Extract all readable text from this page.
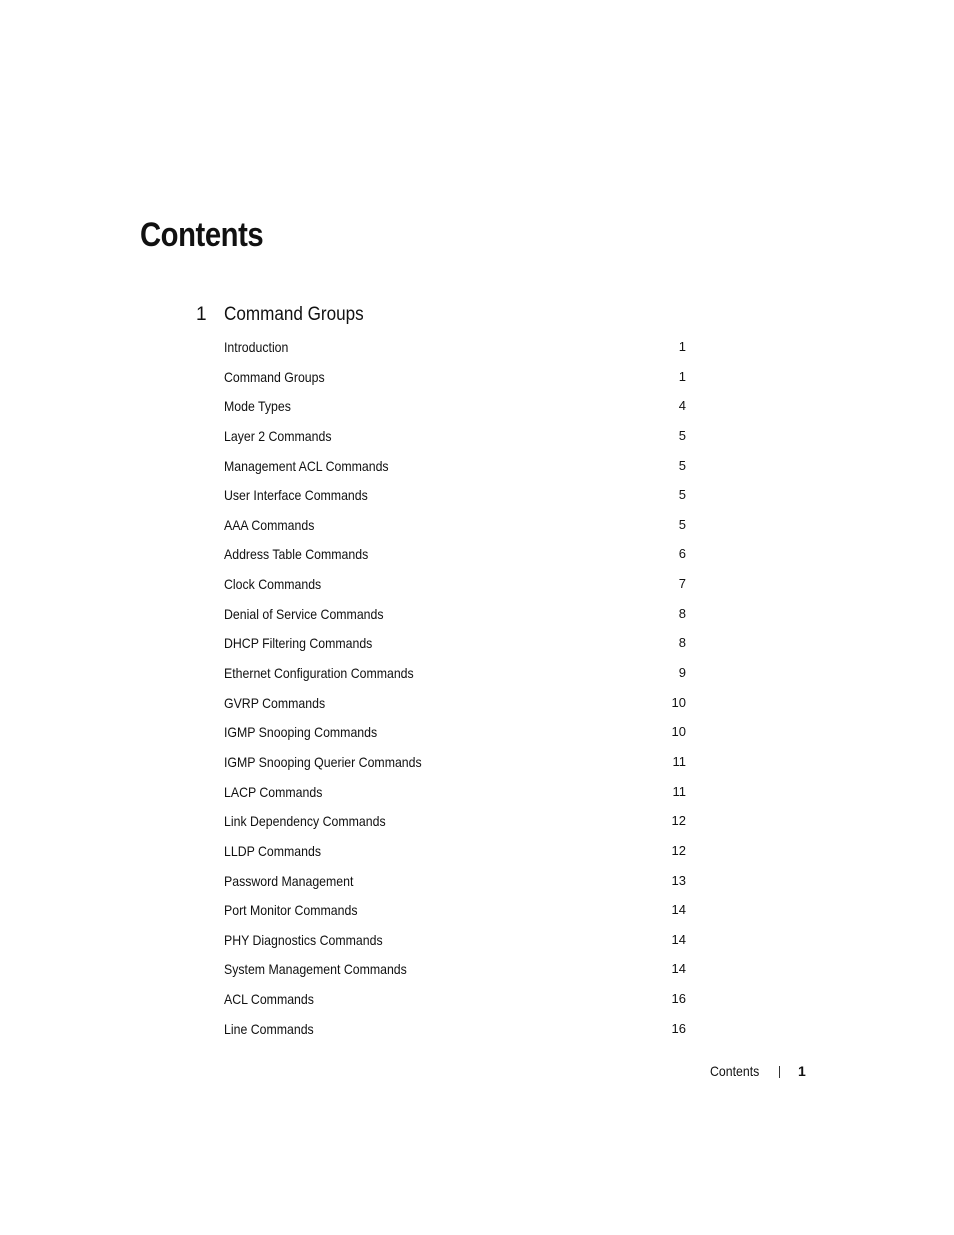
Contents
1 Command Groups
Introduction	1
Command Groups	1
Mode Types	4
Layer 2 Commands	5
Management ACL Commands	5
User Interface Commands	5
AAA Commands	5
Address Table Commands	6
Clock Commands	7
Denial of Service Commands	8
DHCP Filtering Commands	8
Ethernet Configuration Commands	9
GVRP Commands	10
IGMP Snooping Commands	10
IGMP Snooping Querier Commands	11
LACP Commands	11
Link Dependency Commands	12
LLDP Commands	12
Password Management	13
Port Monitor Commands	14
PHY Diagnostics Commands	14
System Management Commands	14
ACL Commands	16
Line Commands	16
Contents	1
